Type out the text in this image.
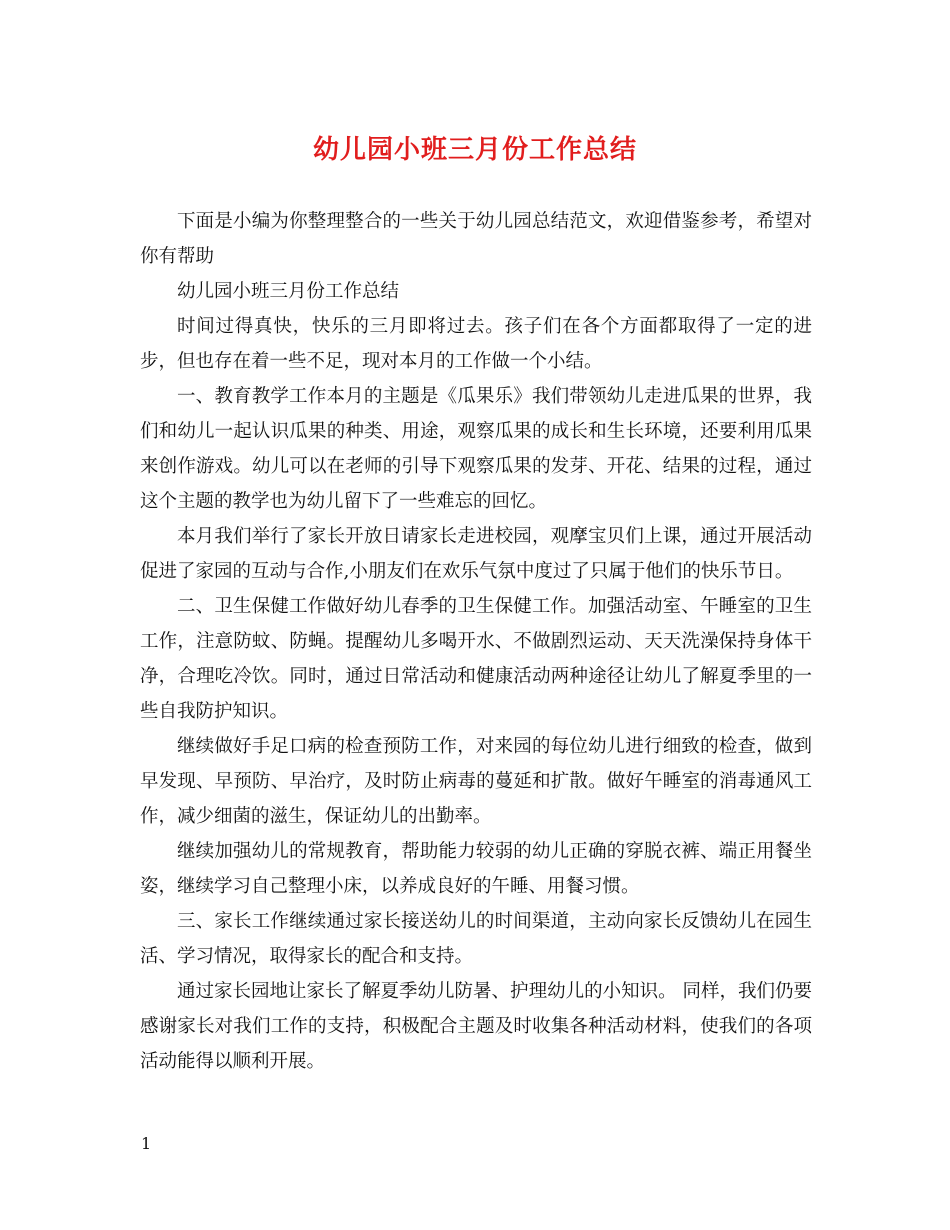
幼儿园小班三月份工作总结

下面是小编为你整理整合的一些关于幼儿园总结范文，欢迎借鉴参考，希望对你有帮助

幼儿园小班三月份工作总结

时间过得真快，快乐的三月即将过去。孩子们在各个方面都取得了一定的进步，但也存在着一些不足，现对本月的工作做一个小结。

一、教育教学工作本月的主题是《瓜果乐》我们带领幼儿走进瓜果的世界，我们和幼儿一起认识瓜果的种类、用途，观察瓜果的成长和生长环境，还要利用瓜果来创作游戏。幼儿可以在老师的引导下观察瓜果的发芽、开花、结果的过程，通过这个主题的教学也为幼儿留下了一些难忘的回忆。

本月我们举行了家长开放日请家长走进校园，观摩宝贝们上课，通过开展活动促进了家园的互动与合作,小朋友们在欢乐气氛中度过了只属于他们的快乐节日。

二、卫生保健工作做好幼儿春季的卫生保健工作。加强活动室、午睡室的卫生工作，注意防蚊、防蝇。提醒幼儿多喝开水、不做剧烈运动、天天洗澡保持身体干净，合理吃冷饮。同时，通过日常活动和健康活动两种途径让幼儿了解夏季里的一些自我防护知识。

继续做好手足口病的检查预防工作，对来园的每位幼儿进行细致的检查，做到早发现、早预防、早治疗，及时防止病毒的蔓延和扩散。做好午睡室的消毒通风工作，减少细菌的滋生，保证幼儿的出勤率。

继续加强幼儿的常规教育，帮助能力较弱的幼儿正确的穿脱衣裤、端正用餐坐姿，继续学习自己整理小床，以养成良好的午睡、用餐习惯。

三、家长工作继续通过家长接送幼儿的时间渠道，主动向家长反馈幼儿在园生活、学习情况，取得家长的配合和支持。

通过家长园地让家长了解夏季幼儿防暑、护理幼儿的小知识。 同样，我们仍要感谢家长对我们工作的支持，积极配合主题及时收集各种活动材料，使我们的各项活动能得以顺利开展。

1
